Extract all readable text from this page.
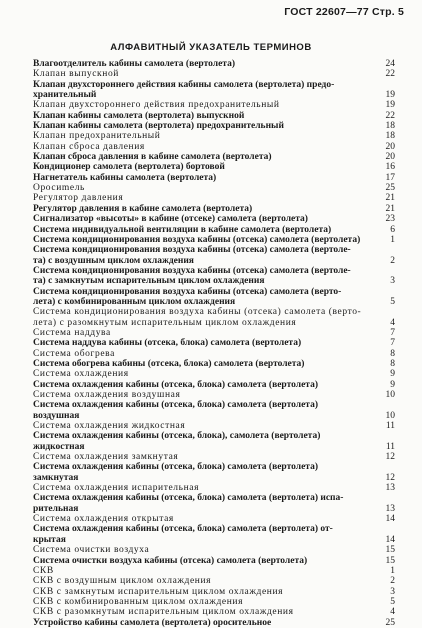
ГОСТ 22607—77 Стр. 5
АЛФАВИТНЫЙ УКАЗАТЕЛЬ ТЕРМИНОВ
Влагоотделитель кабины самолета (вертолета)	24
Клапан выпускной	22
Клапан двухстороннего действия кабины самолета (вертолета) предо-
хранительный	19
Клапан двухстороннего действия предохранительный	19
Клапан кабины самолета (вертолета) выпускной	22
Клапан кабины самолета (вертолета) предохранительный	18
Клапан предохранительный	18
Клапан сброса давления	20
Клапан сброса давления в кабине самолета (вертолета)	20
Кондиционер самолета (вертолета) бортовой	16
Нагнетатель кабины самолета (вертолета)	17
Оросиmель	25
Регулятор давления	21
Регулятор давления в кабине самолета (вертолета)	21
Сигнализатор «высоты» в кабине (отсеке) самолета (вертолета)	23
Система индивидуальной вентиляции в кабине самолета (вертолета)	6
Система кондиционирования воздуха кабины (отсека) самолета (вертолета)	1
Система кондиционирования воздуха кабины (отсека) самолета (вертоле-
та) с воздушным циклом охлаждения	2
Система кондиционирования воздуха кабины (отсека) самолета (вертоле-
та) с замкнутым испарительным циклом охлаждения	3
Система кондиционирования воздуха кабины (отсека) самолета (верто-
лета) с комбинированным циклом охлаждения	5
Система кондиционирования воздуха кабины (отсека) самолета (верто-
лета) с разомкнутым испарительным циклом охлаждения	4
Система наддува	7
Система наддува кабины (отсека, блока) самолета (вертолета)	7
Система обогрева	8
Система обогрева кабины (отсека, блока) самолета (вертолета)	8
Система охлаждения	9
Система охлаждения кабины (отсека, блока) самолета (вертолета)	9
Система охлаждения воздушная	10
Система охлаждения кабины (отсека, блока) самолета (вертолета)
воздушная	10
Система охлаждения жидкостная	11
Система охлаждения кабины (отсека, блока), самолета (вертолета)
жидкостная	11
Система охлаждения замкнутая	12
Система охлаждения кабины (отсека, блока) самолета (вертолета)
замкнутая	12
Система охлаждения испарительная	13
Система охлаждения кабины (отсека, блока) самолета (вертолета) испа-
рительная	13
Система охлаждения открытая	14
Система охлаждения кабины (отсека, блока) самолета (вертолета) от-
крытая	14
Система очистки воздуха	15
Система очистки воздуха кабины (отсека) самолета (вертолета)	15
СКВ	1
СКВ с воздушным циклом охлаждения	2
СКВ с замкнутым испарительным циклом охлаждения	3
СКВ с комбинированным циклом охлаждения	5
СКВ с разомкнутым испарительным циклом охлаждения	4
Устройство кабины самолета (вертолета) оросительное	25
